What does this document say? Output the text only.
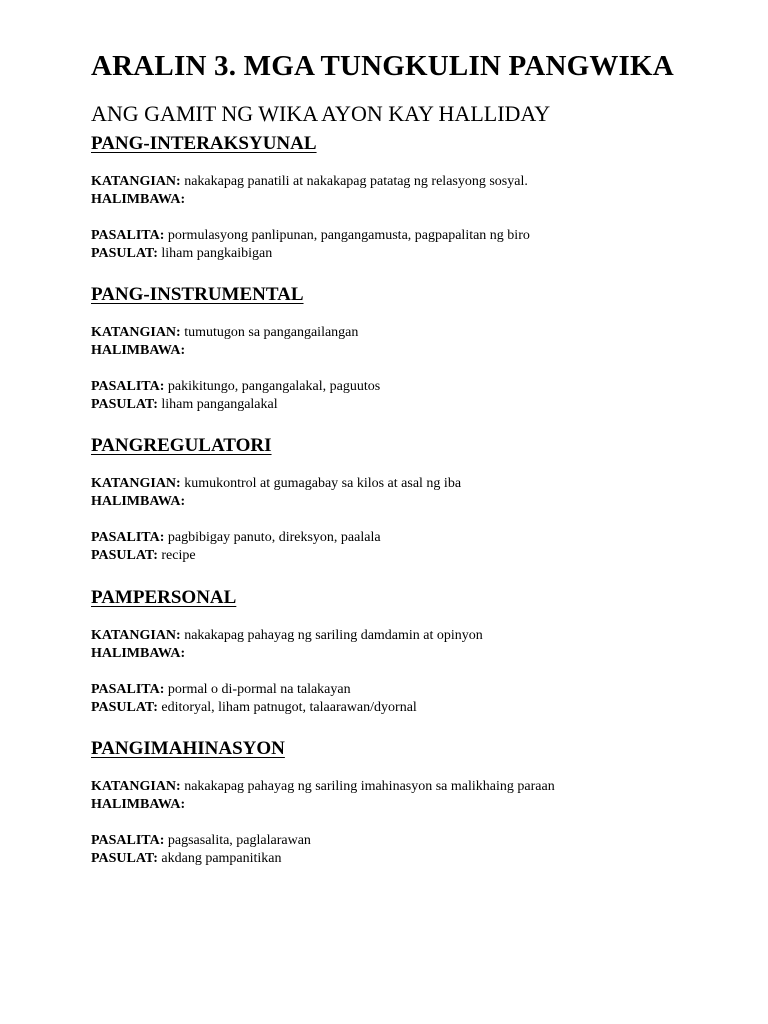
ARALIN 3. MGA TUNGKULIN PANGWIKA
ANG GAMIT NG WIKA AYON KAY HALLIDAY
PANG-INTERAKSYUNAL
KATANGIAN: nakakapag panatili at nakakapag patatag ng relasyong sosyal.
HALIMBAWA:
PASALITA: pormulasyong panlipunan, pangangamusta, pagpapalitan ng biro
PASULAT: liham pangkaibigan
PANG-INSTRUMENTAL
KATANGIAN: tumutugon sa pangangailangan
HALIMBAWA:
PASALITA: pakikitungo, pangangalakal, paguutos
PASULAT: liham pangangalakal
PANGREGULATORI
KATANGIAN: kumukontrol at gumagabay sa kilos at asal ng iba
HALIMBAWA:
PASALITA: pagbibigay panuto, direksyon, paalala
PASULAT: recipe
PAMPERSONAL
KATANGIAN: nakakapag pahayag ng sariling damdamin at opinyon
HALIMBAWA:
PASALITA: pormal o di-pormal na talakayan
PASULAT: editoryal, liham patnugot, talaarawan/dyornal
PANGIMAHINASYON
KATANGIAN: nakakapag pahayag ng sariling imahinasyon sa malikhaing paraan
HALIMBAWA:
PASALITA: pagsasalita, paglalarawan
PASULAT: akdang pampanitikan
